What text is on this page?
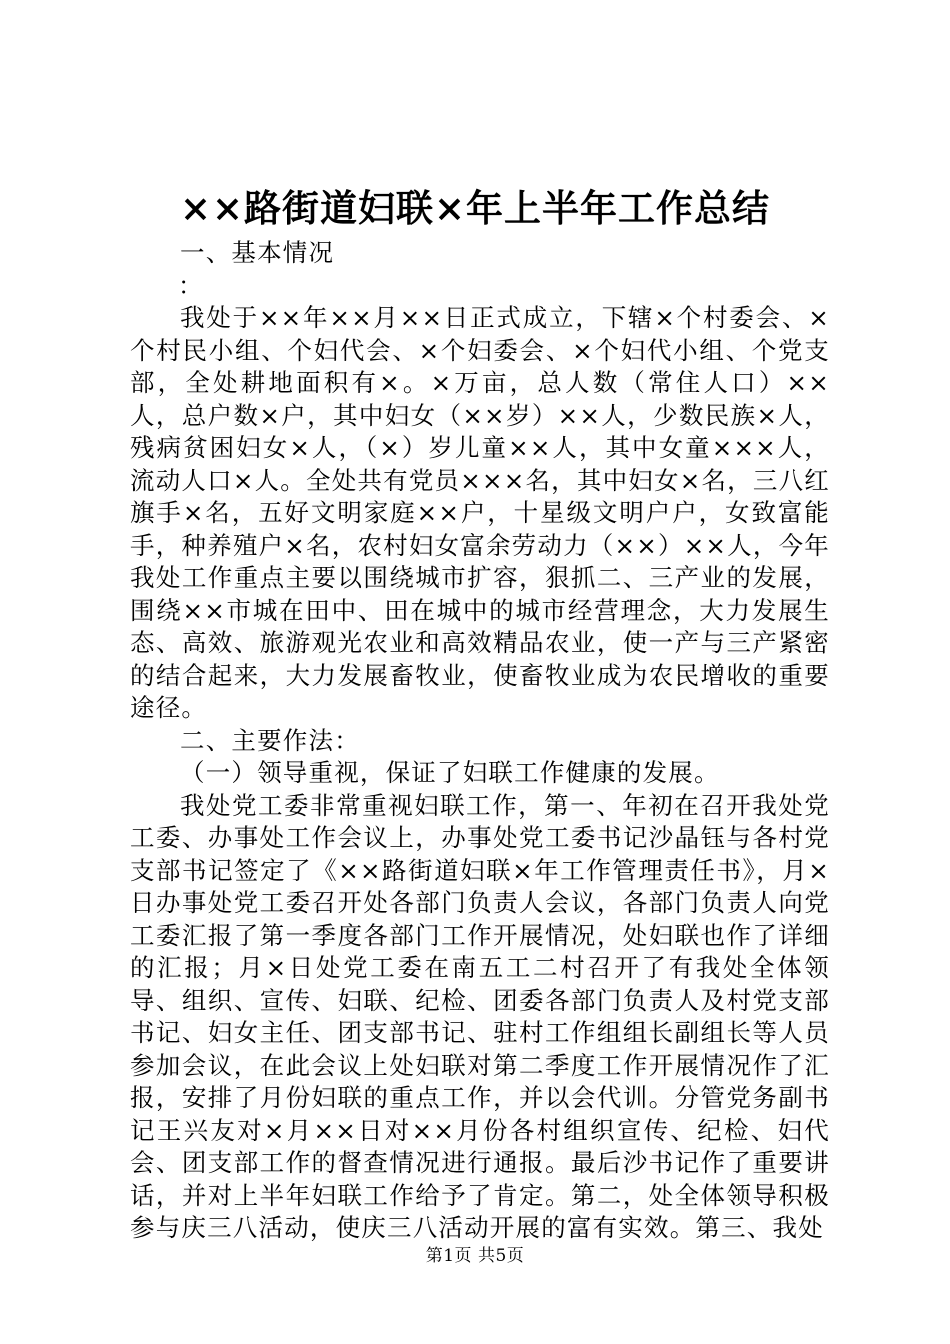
××路街道妇联×年上半年工作总结

一、基本情况

：

我处于××年××月××日正式成立，下辖×个村委会、×个村民小组、个妇代会、×个妇委会、×个妇代小组、个党支部，全处耕地面积有×。×万亩，总人数（常住人口）××人，总户数×户，其中妇女（××岁）××人，少数民族×人，残病贫困妇女×人，（×）岁儿童××人，其中女童×××人，流动人口×人。全处共有党员×××名，其中妇女×名，三八红旗手×名，五好文明家庭××户，十星级文明户户，女致富能手，种养殖户×名，农村妇女富余劳动力（××）××人，今年我处工作重点主要以围绕城市扩容，狠抓二、三产业的发展，围绕××市城在田中、田在城中的城市经营理念，大力发展生态、高效、旅游观光农业和高效精品农业，使一产与三产紧密的结合起来，大力发展畜牧业，使畜牧业成为农民增收的重要途径。

二、主要作法：

（一）领导重视，保证了妇联工作健康的发展。

我处党工委非常重视妇联工作，第一、年初在召开我处党工委、办事处工作会议上，办事处党工委书记沙晶钰与各村党支部书记签定了《××路街道妇联×年工作管理责任书》，月×日办事处党工委召开处各部门负责人会议，各部门负责人向党工委汇报了第一季度各部门工作开展情况，处妇联也作了详细的汇报；月×日处党工委在南五工二村召开了有我处全体领导、组织、宣传、妇联、纪检、团委各部门负责人及村党支部书记、妇女主任、团支部书记、驻村工作组组长副组长等人员参加会议，在此会议上处妇联对第二季度工作开展情况作了汇报，安排了月份妇联的重点工作，并以会代训。分管党务副书记王兴友对×月××日对××月份各村组织宣传、纪检、妇代会、团支部工作的督查情况进行通报。最后沙书记作了重要讲话，并对上半年妇联工作给予了肯定。第二，处全体领导积极参与庆三八活动，使庆三八活动开展的富有实效。第三、我处

第1页 共5页
